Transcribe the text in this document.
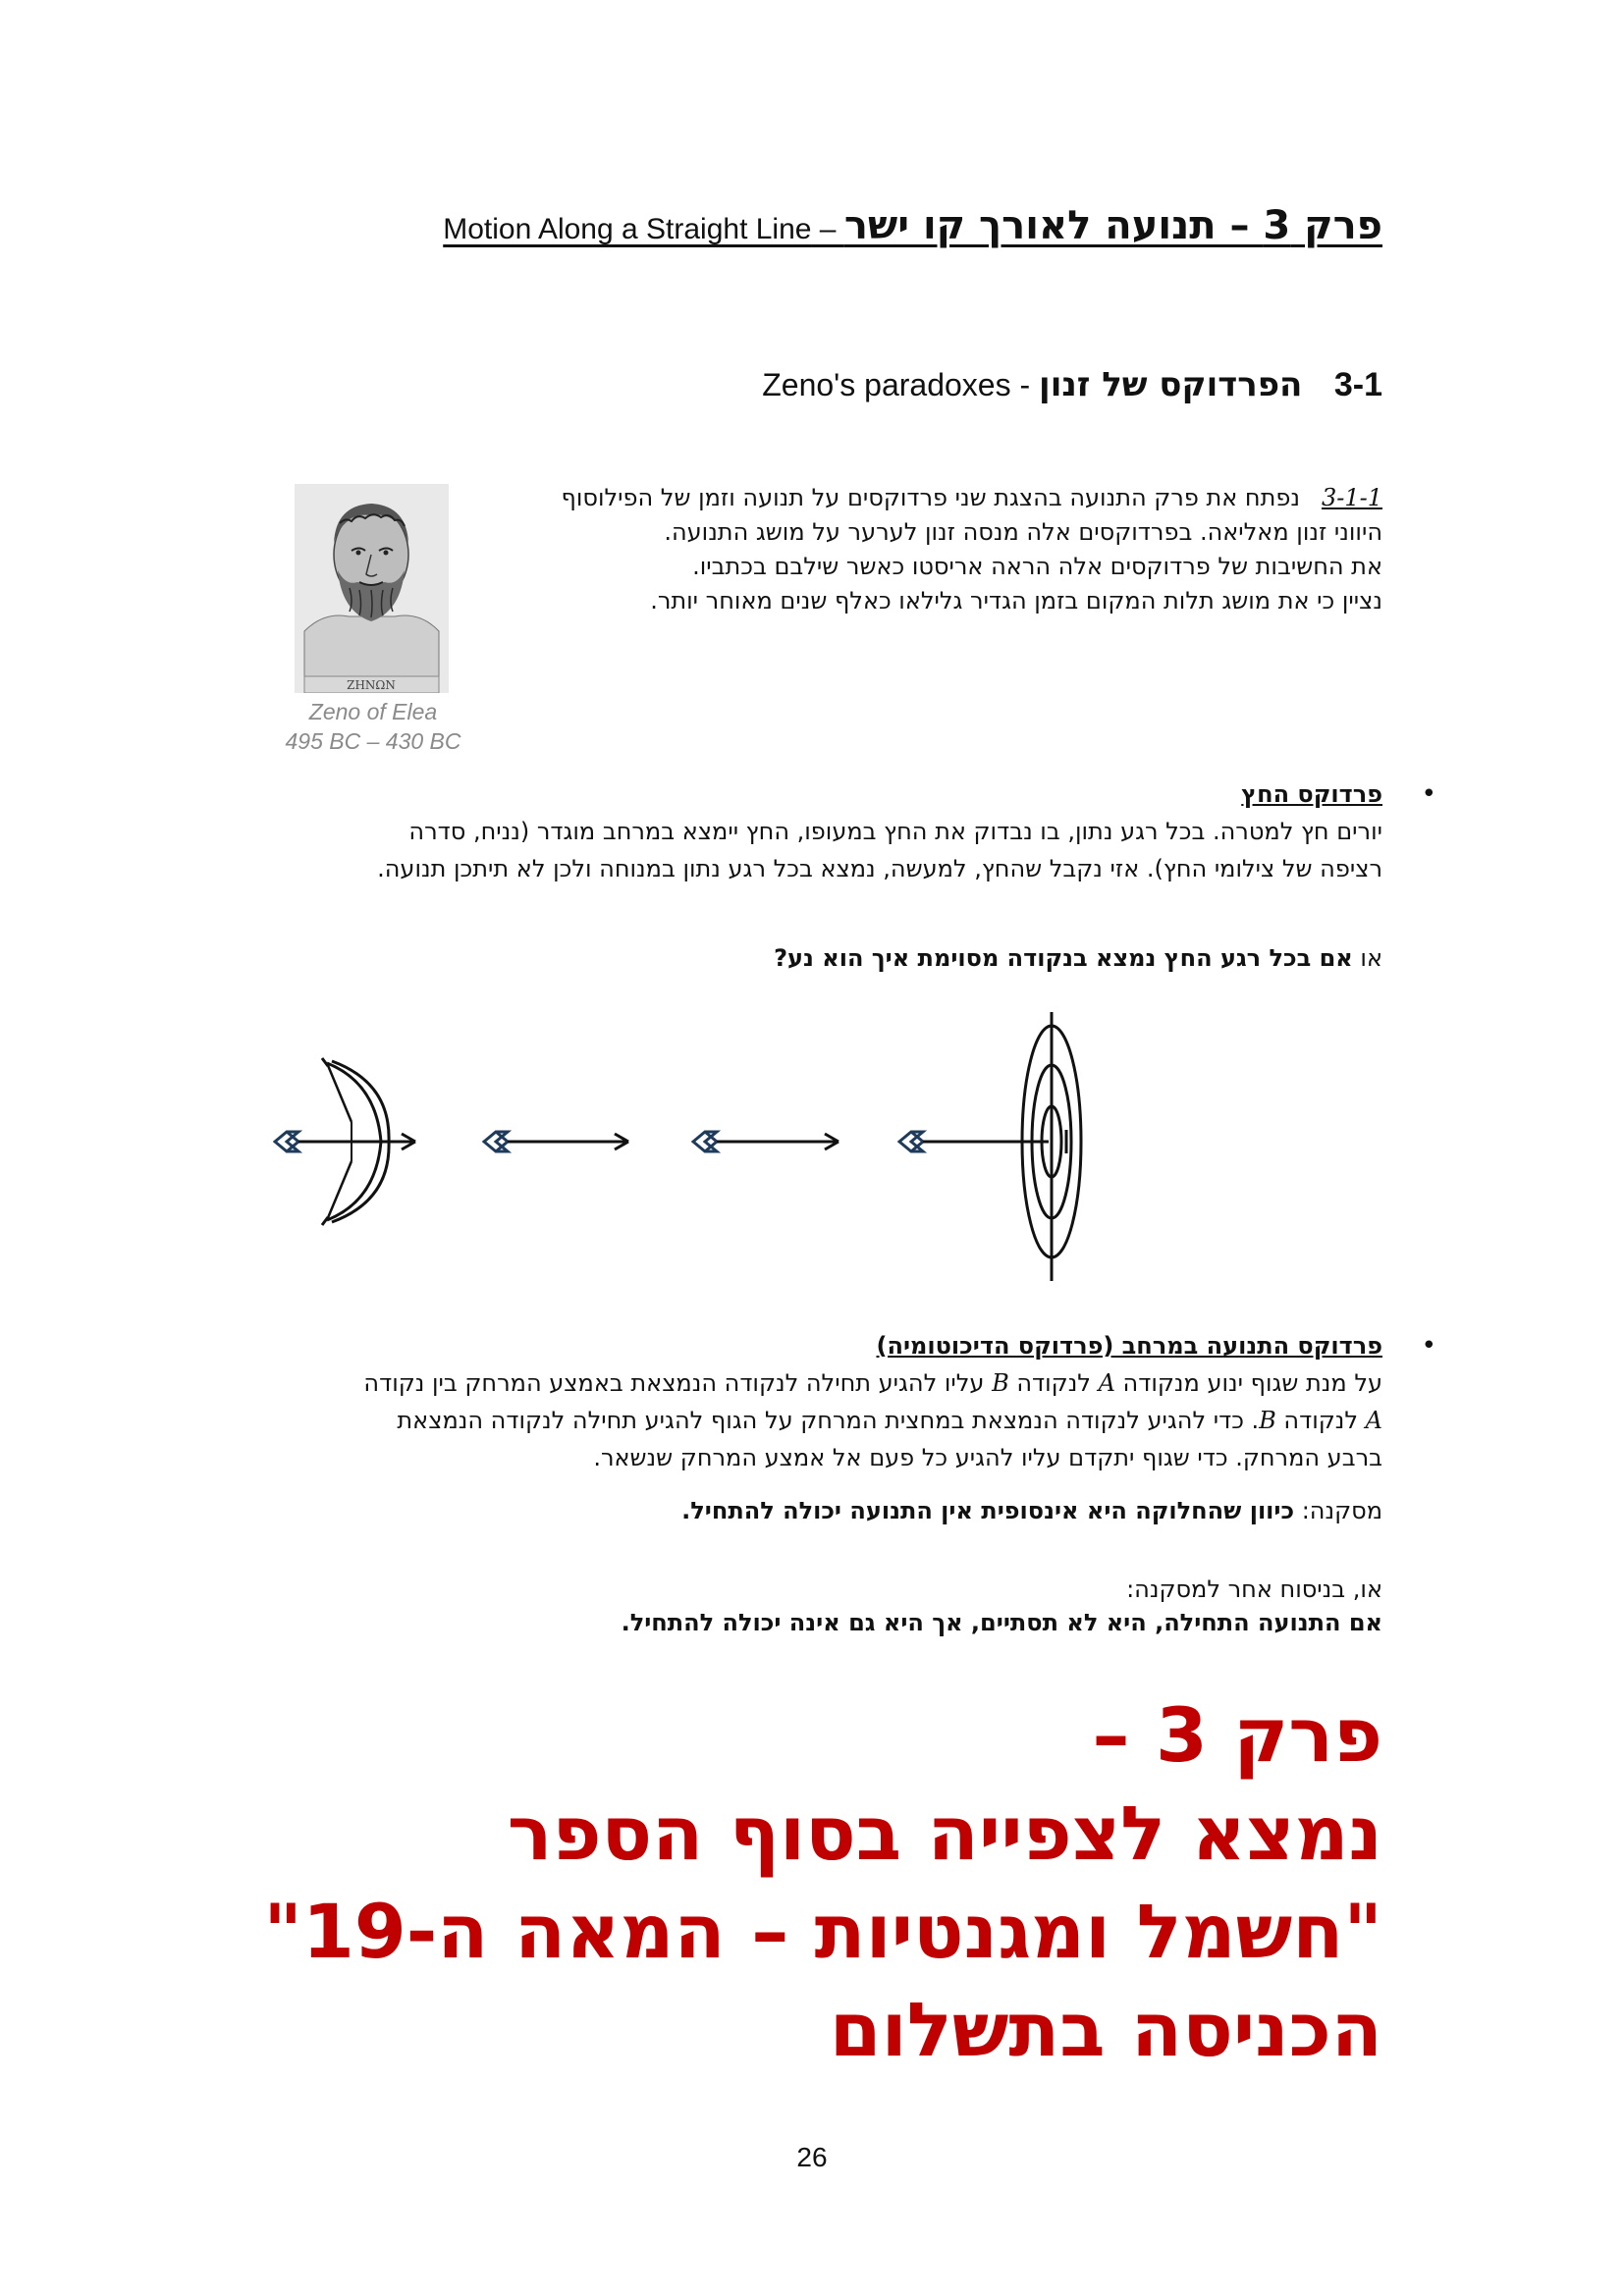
Motion Along a Straight Line – פרק 3 – תנועה לאורך קו ישר
Zeno's paradoxes - הפרדוקס של זנון 3-1
3-1-1נפתח את פרק התנועה בהצגת שני פרדוקסים על תנועה וזמן של הפילוסוף היווני זנון מאליאה. בפרדוקסים אלה מנסה זנון לערער על מושג התנועה.
את החשיבות של פרדוקסים אלה הראה אריסטו כאשר שילבם בכתביו.
נציין כי את מושג תלות המקום בזמן הגדיר גלילאו כאלף שנים מאוחר יותר.
ZHNΩN
Zeno of Elea
495 BC – 430 BC
•
פרדוקס החץ
יורים חץ למטרה. בכל רגע נתון, בו נבדוק את החץ במעופו, החץ יימצא במרחב מוגדר (נניח, סדרה רציפה של צילומי החץ). אזי נקבל שהחץ, למעשה, נמצא בכל רגע נתון במנוחה ולכן לא תיתכן תנועה.
או אם בכל רגע החץ נמצא בנקודה מסוימת איך הוא נע?
•
פרדוקס התנועה במרחב (פרדוקס הדיכוטומיה)
על מנת שגוף ינוע מנקודה A לנקודה B עליו להגיע תחילה לנקודה הנמצאת באמצע המרחק בין נקודה A לנקודה B. כדי להגיע לנקודה הנמצאת במחצית המרחק על הגוף להגיע תחילה לנקודה הנמצאת ברבע המרחק. כדי שגוף יתקדם עליו להגיע כל פעם אל אמצע המרחק שנשאר.
מסקנה: כיוון שהחלוקה היא אינסופית אין התנועה יכולה להתחיל.
או, בניסוח אחר למסקנה:
אם התנועה התחילה, היא לא תסתיים, אך היא גם אינה יכולה להתחיל.
פרק 3 –
נמצא לצפייה בסוף הספר
"חשמל ומגנטיות – המאה ה-19"
הכניסה בתשלום
26
